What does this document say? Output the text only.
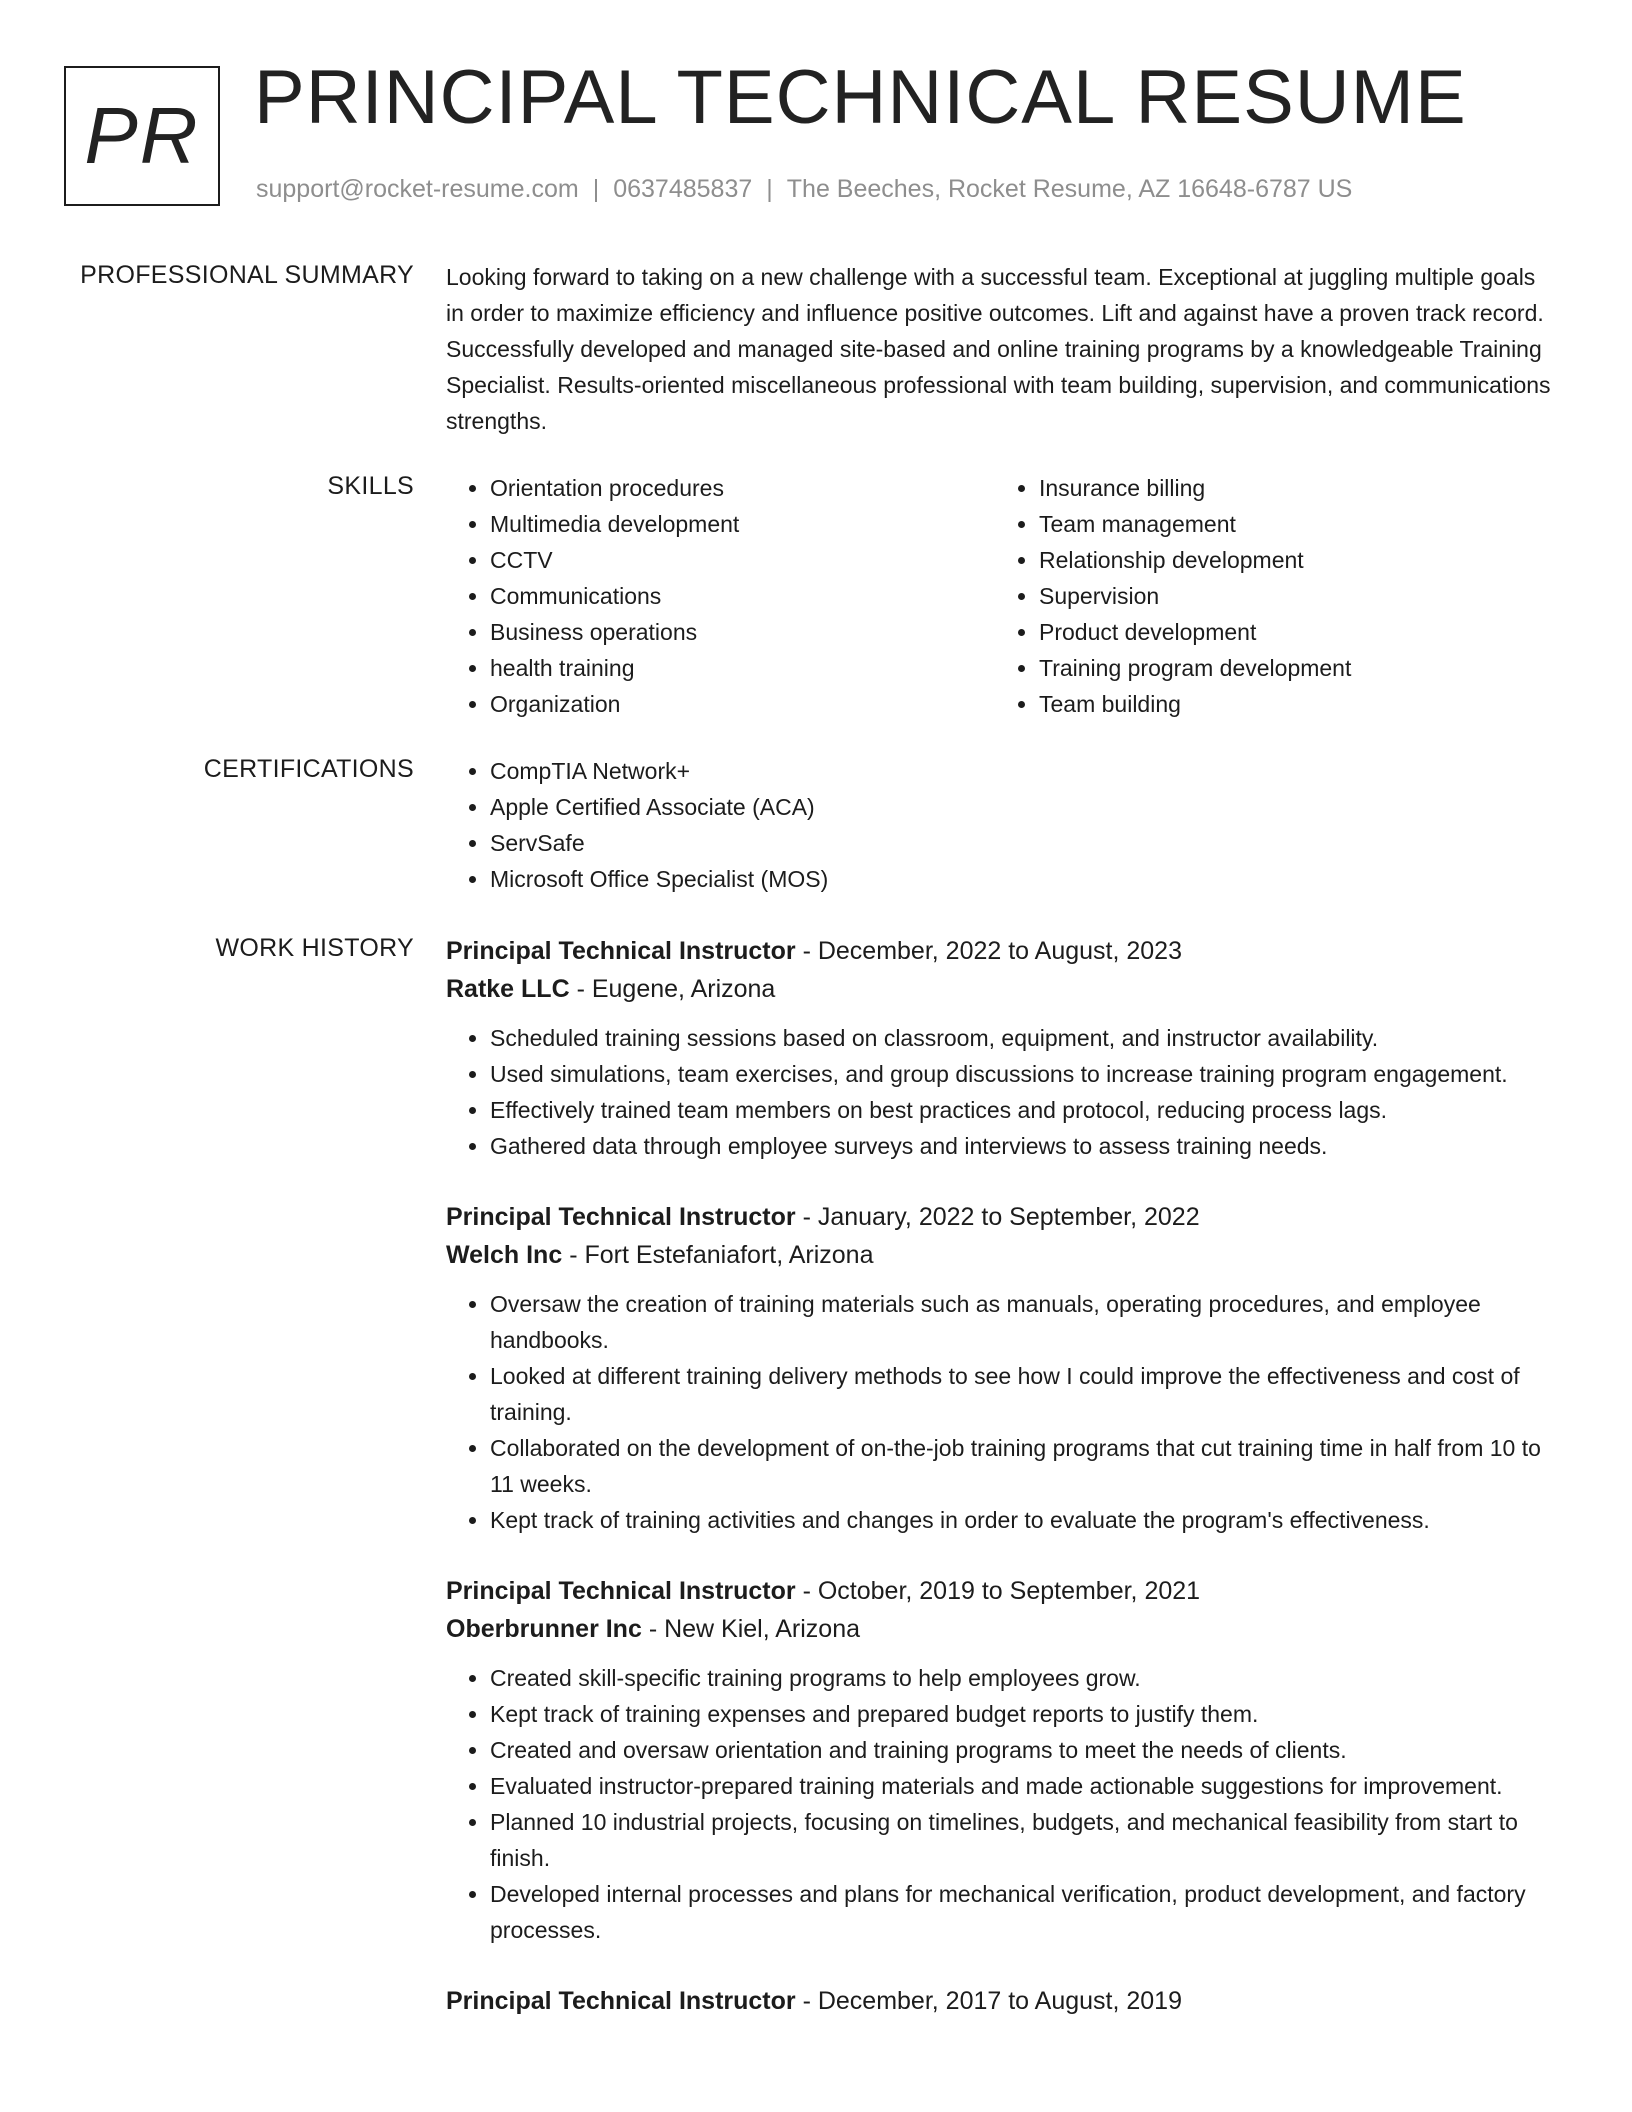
PR PRINCIPAL TECHNICAL RESUME
support@rocket-resume.com | 0637485837 | The Beeches, Rocket Resume, AZ 16648-6787 US
PROFESSIONAL SUMMARY Looking forward to taking on a new challenge with a successful team. Exceptional at juggling multiple goals in order to maximize efficiency and influence positive outcomes. Lift and against have a proven track record. Successfully developed and managed site-based and online training programs by a knowledgeable Training Specialist. Results-oriented miscellaneous professional with team building, supervision, and communications strengths.

SKILLS	• Orientation procedures
• Multimedia development
• CCTV
• Communications
• Business operations
• health training
• Organization
• Insurance billing
• Team management
• Relationship development
• Supervision
• Product development
• Training program development
• Team building
CERTIFICATIONS	• CompTIA Network+
• Apple Certified Associate (ACA)
• ServSafe
• Microsoft Office Specialist (MOS)
WORK HISTORY Principal Technical Instructor - December, 2022 to August, 2023
Ratke LLC - Eugene, Arizona
• Scheduled training sessions based on classroom, equipment, and instructor availability.
• Used simulations, team exercises, and group discussions to increase training program engagement.
• Effectively trained team members on best practices and protocol, reducing process lags.
• Gathered data through employee surveys and interviews to assess training needs.
Principal Technical Instructor - January, 2022 to September, 2022
Welch Inc - Fort Estefaniafort, Arizona
• Oversaw the creation of training materials such as manuals, operating procedures, and employee handbooks.
• Looked at different training delivery methods to see how I could improve the effectiveness and cost of training.
• Collaborated on the development of on-the-job training programs that cut training time in half from 10 to 11 weeks.
• Kept track of training activities and changes in order to evaluate the program's effectiveness.
Principal Technical Instructor - October, 2019 to September, 2021
Oberbrunner Inc - New Kiel, Arizona
• Created skill-specific training programs to help employees grow.
• Kept track of training expenses and prepared budget reports to justify them.
• Created and oversaw orientation and training programs to meet the needs of clients.
• Evaluated instructor-prepared training materials and made actionable suggestions for improvement.
• Planned 10 industrial projects, focusing on timelines, budgets, and mechanical feasibility from start to finish.
• Developed internal processes and plans for mechanical verification, product development, and factory processes.
Principal Technical Instructor - December, 2017 to August, 2019
